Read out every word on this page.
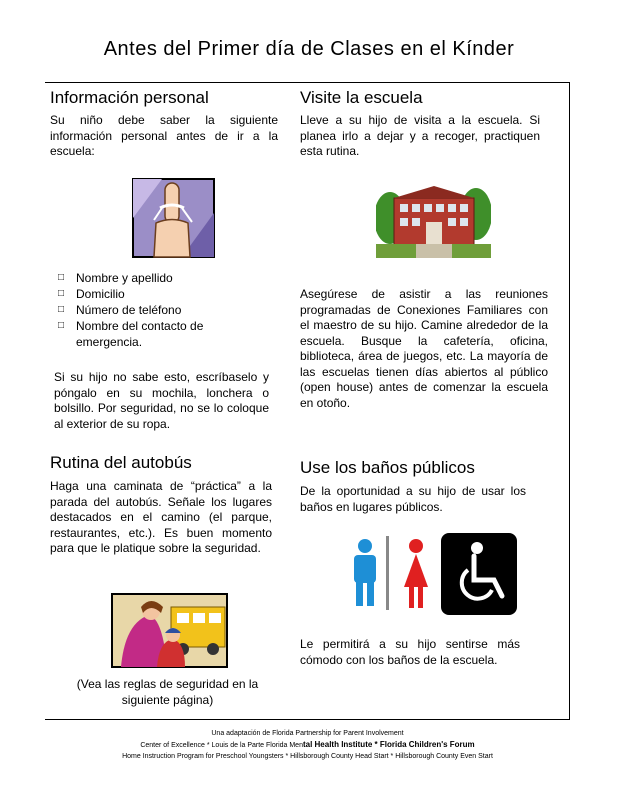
Antes del Primer día de Clases en el Kínder
Información personal
Su niño debe saber la siguiente información personal antes de ir a la escuela:
□ Nombre y apellido
□ Domicilio
□ Número de teléfono
□ Nombre del contacto de emergencia.
Si su hijo no sabe esto, escríbaselo y póngalo en su mochila, lonchera o bolsillo. Por seguridad, no se lo coloque al exterior de su ropa.
Rutina del autobús
Haga una caminata de “práctica” a la parada del autobús. Señale los lugares destacados en el camino (el parque, restaurantes, etc.). Es buen momento para que le platique sobre la seguridad.
(Vea las reglas de seguridad en la siguiente página)
Visite la escuela
Lleve a su hijo de visita a la escuela. Si planea irlo a dejar y a recoger, practiquen esta rutina.
Asegúrese de asistir a las reuniones programadas de Conexiones Familiares con el maestro de su hijo. Camine alrededor de la escuela. Busque la cafetería, oficina, biblioteca, área de juegos, etc. La mayoría de las escuelas tienen días abiertos al público (open house) antes de comenzar la escuela en otoño.
Use los baños públicos
De la oportunidad a su hijo de usar los baños en lugares públicos.
Le permitirá a su hijo sentirse más cómodo con los baños de la escuela.
Una adaptación de Florida Partnership for Parent Involvement
Center of Excellence * Louis de la Parte Florida Mental Health Institute * Florida Children's Forum
Home Instruction Program for Preschool Youngsters * Hillsborough County Head Start * Hillsborough County Even Start
